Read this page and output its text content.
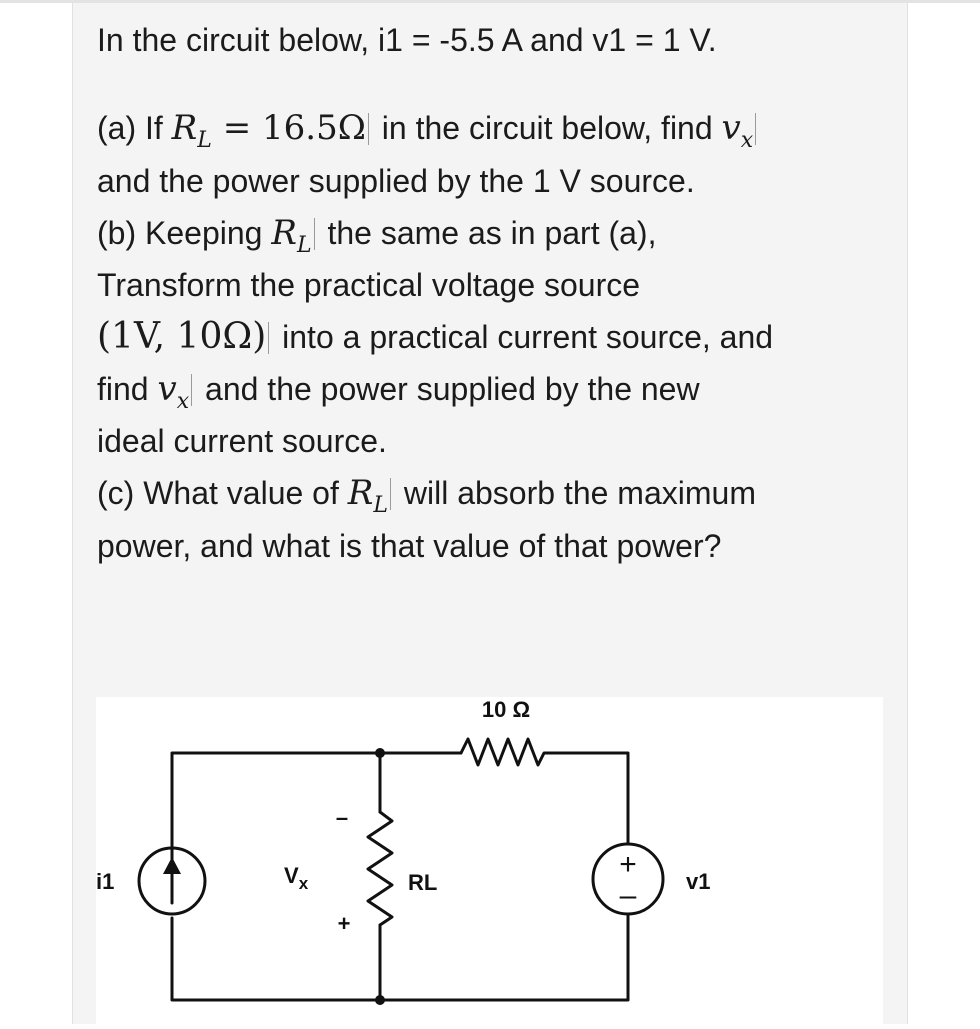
In the circuit below, i1 = -5.5 A and v1 = 1 V.
(a) If $R_L = 16.5\Omega$ in the circuit below, find $v_x$
and the power supplied by the 1 V source.
(b) Keeping $R_L$ the same as in part (a),
Transform the practical voltage source
(1V, 10Ω) into a practical current source, and
find $v_x$ and the power supplied by the new
ideal current source.
(c) What value of $R_L$ will absorb the maximum
power, and what is that value of that power?
10 Ω
i1	$V_x$
–
+
RL
+
– v1
